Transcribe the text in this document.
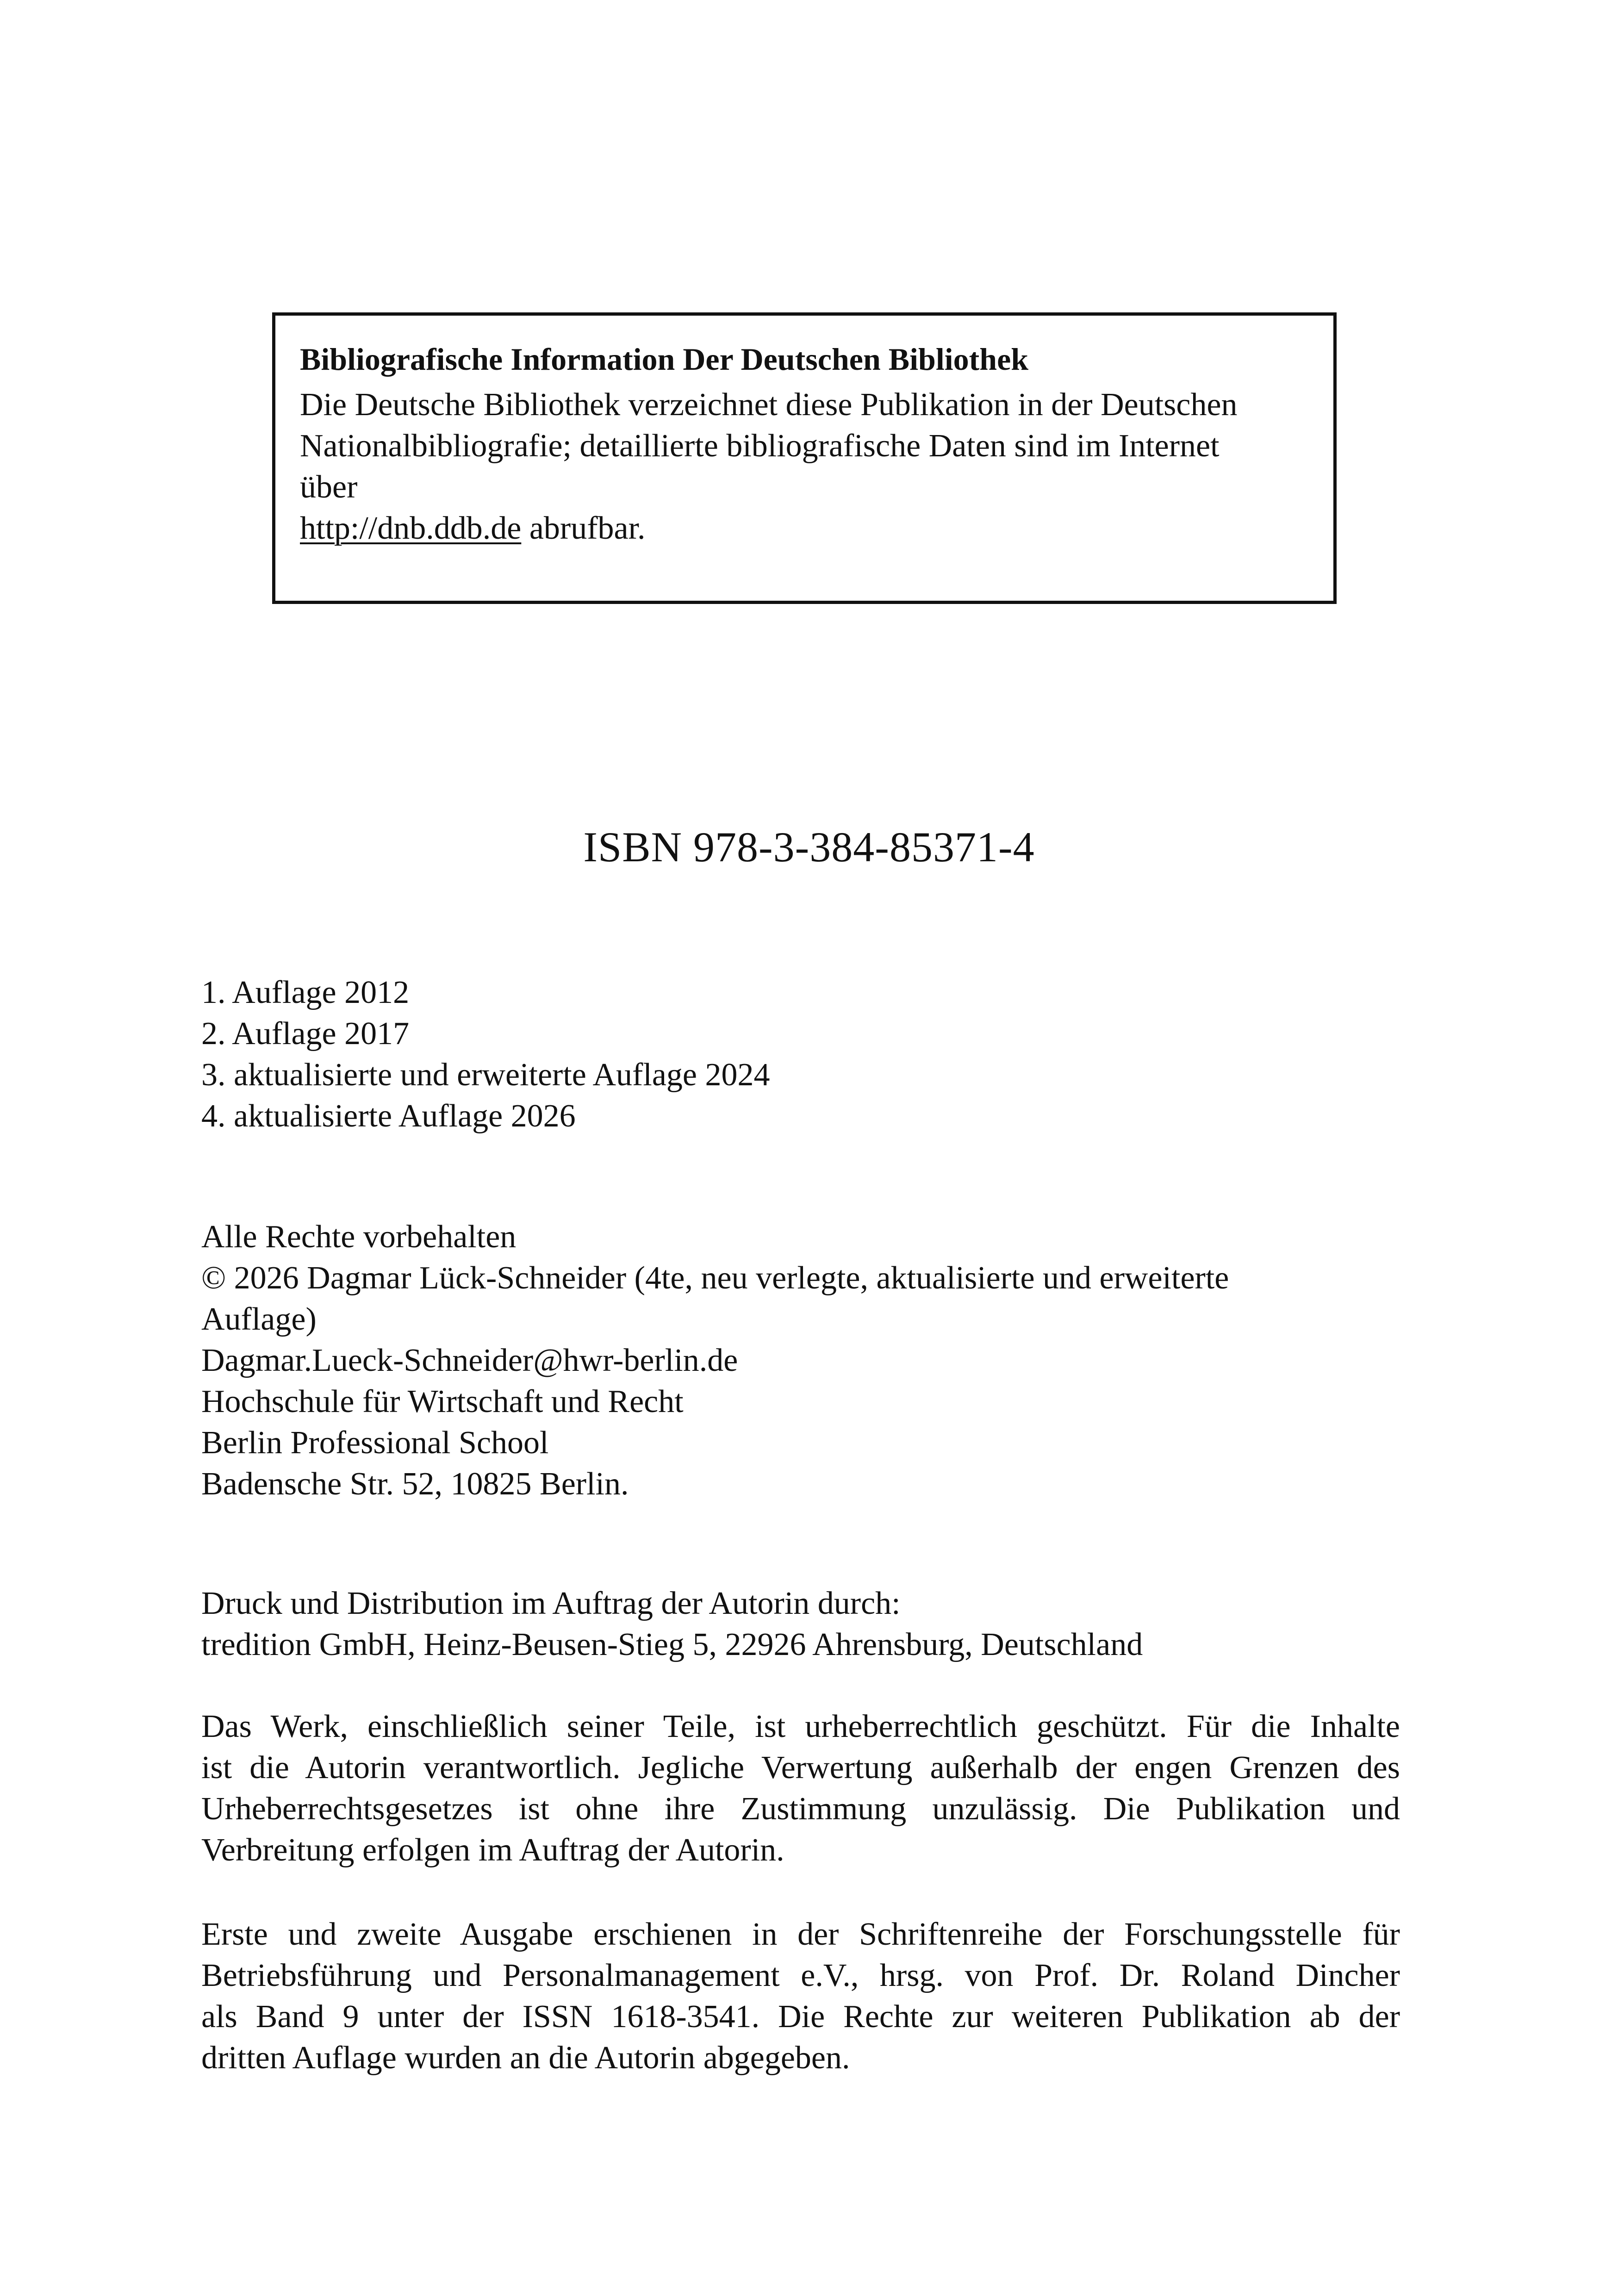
Bibliografische Information Der Deutschen Bibliothek

Die Deutsche Bibliothek verzeichnet diese Publikation in der Deutschen
Nationalbibliografie; detaillierte bibliografische Daten sind im Internet
über
http://dnb.ddb.de abrufbar.

ISBN 978-3-384-85371-4

1. Auflage 2012
2. Auflage 2017
3. aktualisierte und erweiterte Auflage 2024
4. aktualisierte Auflage 2026

Alle Rechte vorbehalten
© 2026 Dagmar Lück-Schneider (4te, neu verlegte, aktualisierte und erweiterte
Auflage)
Dagmar.Lueck-Schneider@hwr-berlin.de
Hochschule für Wirtschaft und Recht
Berlin Professional School
Badensche Str. 52, 10825 Berlin.

Druck und Distribution im Auftrag der Autorin durch:
tredition GmbH, Heinz-Beusen-Stieg 5, 22926 Ahrensburg, Deutschland

Das Werk, einschließlich seiner Teile, ist urheberrechtlich geschützt. Für die Inhalte
ist die Autorin verantwortlich. Jegliche Verwertung außerhalb der engen Grenzen des
Urheberrechtsgesetzes ist ohne ihre Zustimmung unzulässig. Die Publikation und
Verbreitung erfolgen im Auftrag der Autorin.

Erste und zweite Ausgabe erschienen in der Schriftenreihe der Forschungsstelle für
Betriebsführung und Personalmanagement e.V., hrsg. von Prof. Dr. Roland Dincher
als Band 9 unter der ISSN 1618-3541. Die Rechte zur weiteren Publikation ab der
dritten Auflage wurden an die Autorin abgegeben.
